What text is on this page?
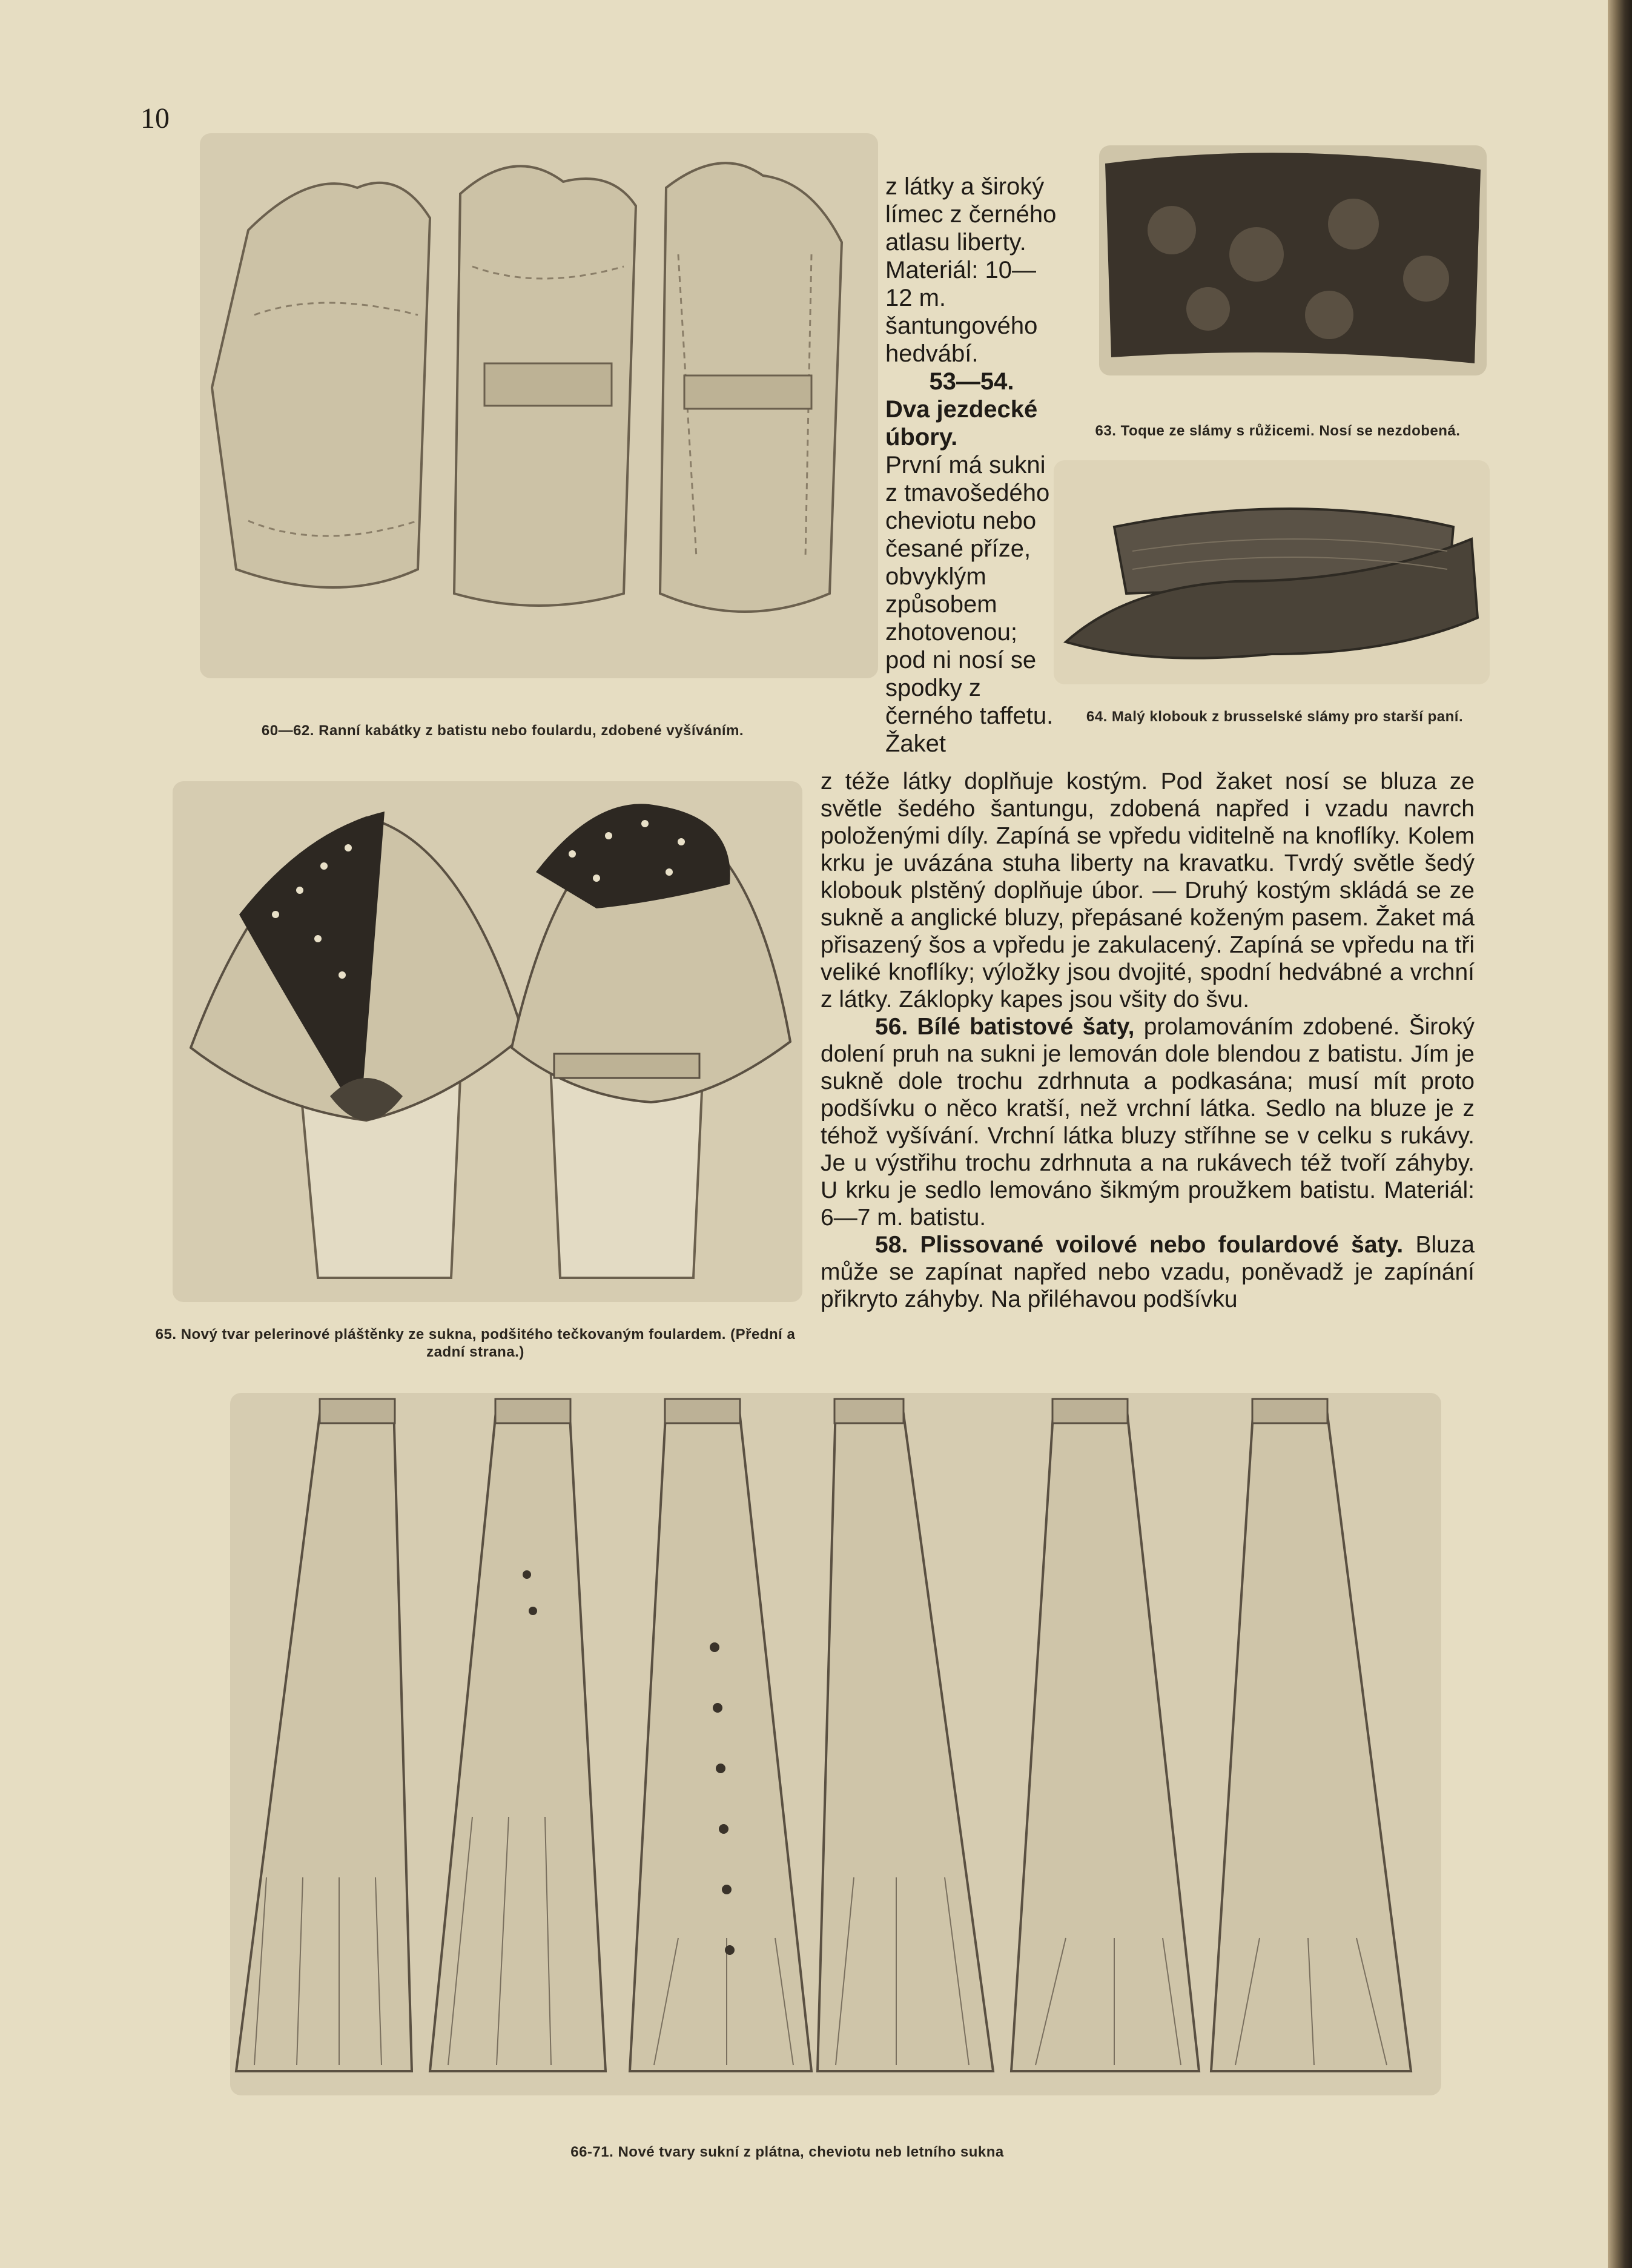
10
60—62. Ranní kabátky z batistu nebo foulardu, zdobené vyšíváním.

z látky a široký límec z černého atlasu liberty. Materiál: 10—12 m. šantungového hedvábí.

53—54.

Dva jezdecké úbory.

První má sukni z tmavošedého cheviotu nebo česané příze, obvyklým způsobem zhotovenou; pod ni nosí se spodky z černého taffetu. Žaket

63. Toque ze slámy s růžicemi. Nosí se nezdobená.
64. Malý klobouk z brusselské slámy pro starší paní.
65. Nový tvar pelerinové pláštěnky ze sukna, podšitého tečkovaným foulardem. (Přední a zadní strana.)

z téže látky doplňuje kostým. Pod žaket nosí se bluza ze světle šedého šantungu, zdobená napřed i vzadu navrch položenými díly. Zapíná se vpředu viditelně na knoflíky. Kolem krku je uvázána stuha liberty na kravatku. Tvrdý světle šedý klobouk plstěný doplňuje úbor. — Druhý kostým skládá se ze sukně a anglické bluzy, přepásané koženým pasem. Žaket má přisazený šos a vpředu je zakulacený. Zapíná se vpředu na tři veliké knoflíky; výložky jsou dvojité, spodní hedvábné a vrchní z látky. Záklopky kapes jsou všity do švu.

56. Bílé batistové šaty, prolamováním zdobené. Široký dolení pruh na sukni je lemován dole blendou z batistu. Jím je sukně dole trochu zdrhnuta a podkasána; musí mít proto podšívku o něco kratší, než vrchní látka. Sedlo na bluze je z téhož vyšívání. Vrchní látka bluzy stříhne se v celku s rukávy. Je u výstřihu trochu zdrhnuta a na rukávech též tvoří záhyby. U krku je sedlo lemováno šikmým proužkem batistu. Materiál: 6—7 m. batistu.

58. Plissované voilové nebo foulardové šaty. Bluza může se zapínat napřed nebo vzadu, poněvadž je zapínání přikryto záhyby. Na přiléhavou podšívku

66-71. Nové tvary sukní z plátna, cheviotu neb letního sukna
